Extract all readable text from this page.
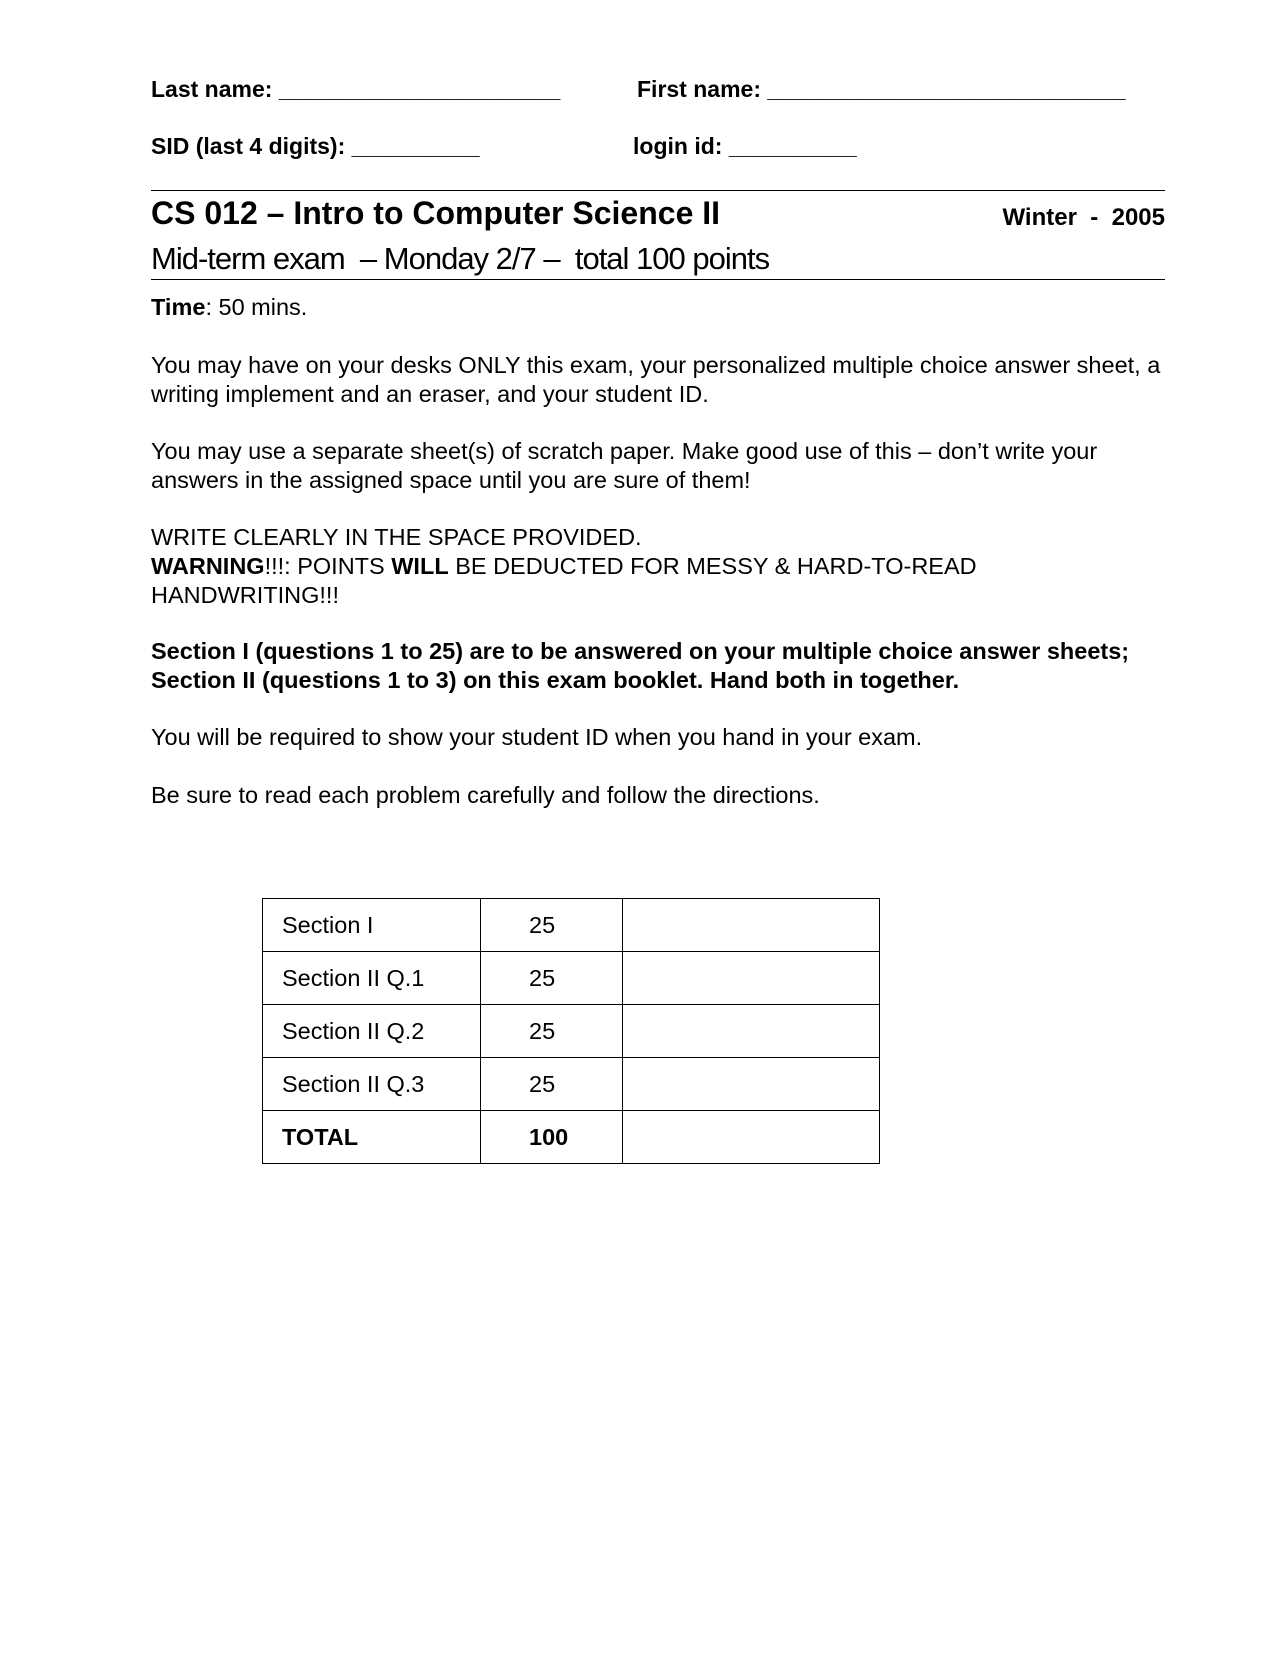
Last name: ______________________	First name: ____________________________
SID (last 4 digits): __________	login id: __________
CS 012 – Intro to Computer Science II	Winter  -  2005
Mid-term exam  – Monday 2/7 –  total 100 points
Time: 50 mins.
You may have on your desks ONLY this exam, your personalized multiple choice answer sheet, a writing implement and an eraser, and your student ID.
You may use a separate sheet(s) of scratch paper. Make good use of this – don’t write your answers in the assigned space until you are sure of them!
WRITE CLEARLY IN THE SPACE PROVIDED.
WARNING!!!: POINTS WILL BE DEDUCTED FOR MESSY & HARD-TO-READ HANDWRITING!!!
Section I (questions 1 to 25) are to be answered on your multiple choice answer sheets; Section II (questions 1 to 3) on this exam booklet. Hand both in together.
You will be required to show your student ID when you hand in your exam.
Be sure to read each problem carefully and follow the directions.
Section I	25	
Section II Q.1	25	
Section II Q.2	25	
Section II Q.3	25	
TOTAL	100	
